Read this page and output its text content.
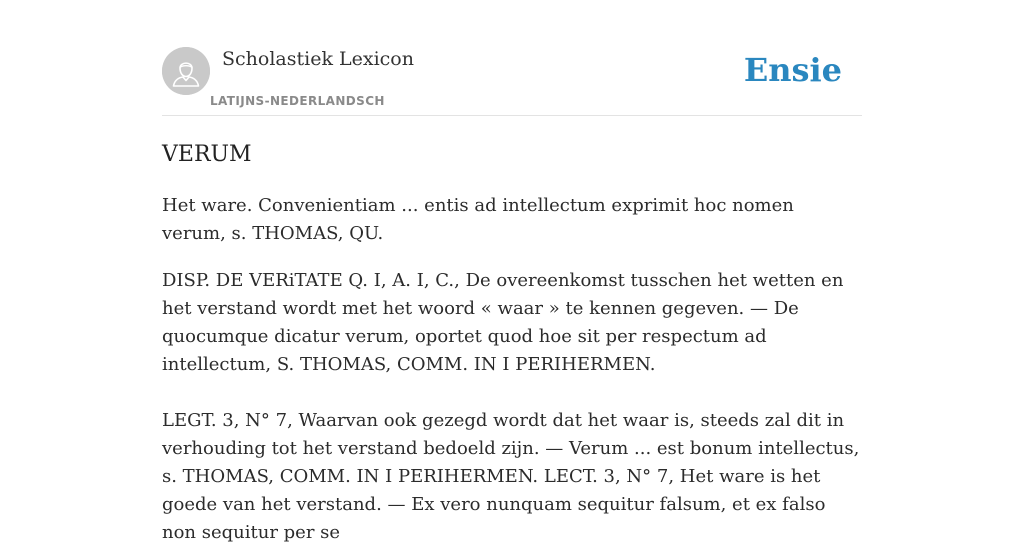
Scholastiek Lexicon
LATIJNS-NEDERLANDSCH
Ensie
VERUM

Het ware. Convenientiam ... entis ad intellectum exprimit hoc nomen verum, s. THOMAS, QU.

DISP. DE VERiTATE Q. I, A. I, C., De overeenkomst tusschen het wetten en het verstand wordt met het woord « waar » te kennen gegeven. — De quocumque dicatur verum, oportet quod hoe sit per respectum ad intellectum, S. THOMAS, COMM. IN I PERIHERMEN.

LEGT. 3, N° 7, Waarvan ook gezegd wordt dat het waar is, steeds zal dit in verhouding tot het verstand bedoeld zijn. — Verum ... est bonum intellectus, s. THOMAS, COMM. IN I PERIHERMEN. LECT. 3, N° 7, Het ware is het goede van het verstand. — Ex vero nunquam sequitur falsum, et ex falso non sequitur per se
